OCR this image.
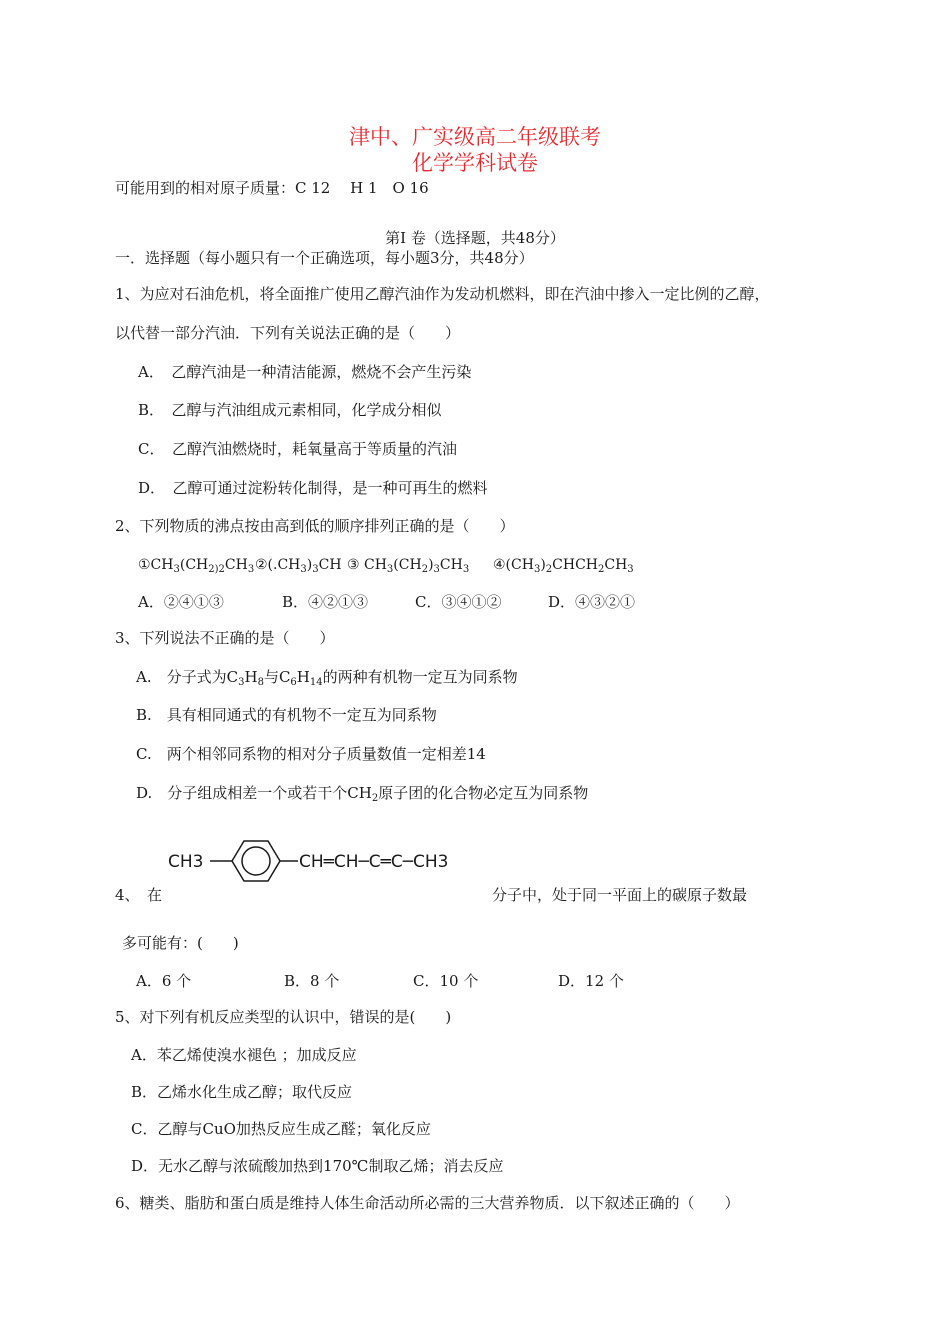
津中、广实级高二年级联考
化学学科试卷
可能用到的相对原子质量：C 12　 H 1　O 16
第Ⅰ 卷（选择题，共48分）
一．选择题（每小题只有一个正确选项，每小题3分，共48分）
1、为应对石油危机，将全面推广使用乙醇汽油作为发动机燃料，即在汽油中掺入一定比例的乙醇，
以代替一部分汽油．下列有关说法正确的是（　　）
A．　乙醇汽油是一种清洁能源，燃烧不会产生污染
B．　乙醇与汽油组成元素相同，化学成分相似
C．　乙醇汽油燃烧时，耗氧量高于等质量的汽油
D．　乙醇可通过淀粉转化制得，是一种可再生的燃料
2、下列物质的沸点按由高到低的顺序排列正确的是（　　）
$①CH_3(CH_{2)2}CH_3$ $②(.CH_3)_3CH$ ③ $CH_3(CH_2)_3CH_3$ $④(CH_3)_2CHCH_2CH_3$
A．②④①③	B．④②①③	C．③④①②	D．④③②①
3、下列说法不正确的是（　　）
A.　分子式为$C_3H_8$与$C_6H_{14}$的两种有机物一定互为同系物
B.　具有相同通式的有机物不一定互为同系物
C.　两个相邻同系物的相对分子质量数值一定相差14
D.　分子组成相差一个或若干个$CH_2$原子团的化合物必定互为同系物
CH3	CH═CH─C═C─CH3
4、　在	分子中，处于同一平面上的碳原子数最
多可能有：(　　)
A．6 个	B．8 个	C．10 个	D．12 个
5、对下列有机反应类型的认识中，错误的是(　　)
A．苯乙烯使溴水褪色 ；加成反应
B．乙烯水化生成乙醇；取代反应
C．乙醇与CuO加热反应生成乙醛；氧化反应
D．无水乙醇与浓硫酸加热到170℃制取乙烯；消去反应
6、糖类、脂肪和蛋白质是维持人体生命活动所必需的三大营养物质．以下叙述正确的（　　）
